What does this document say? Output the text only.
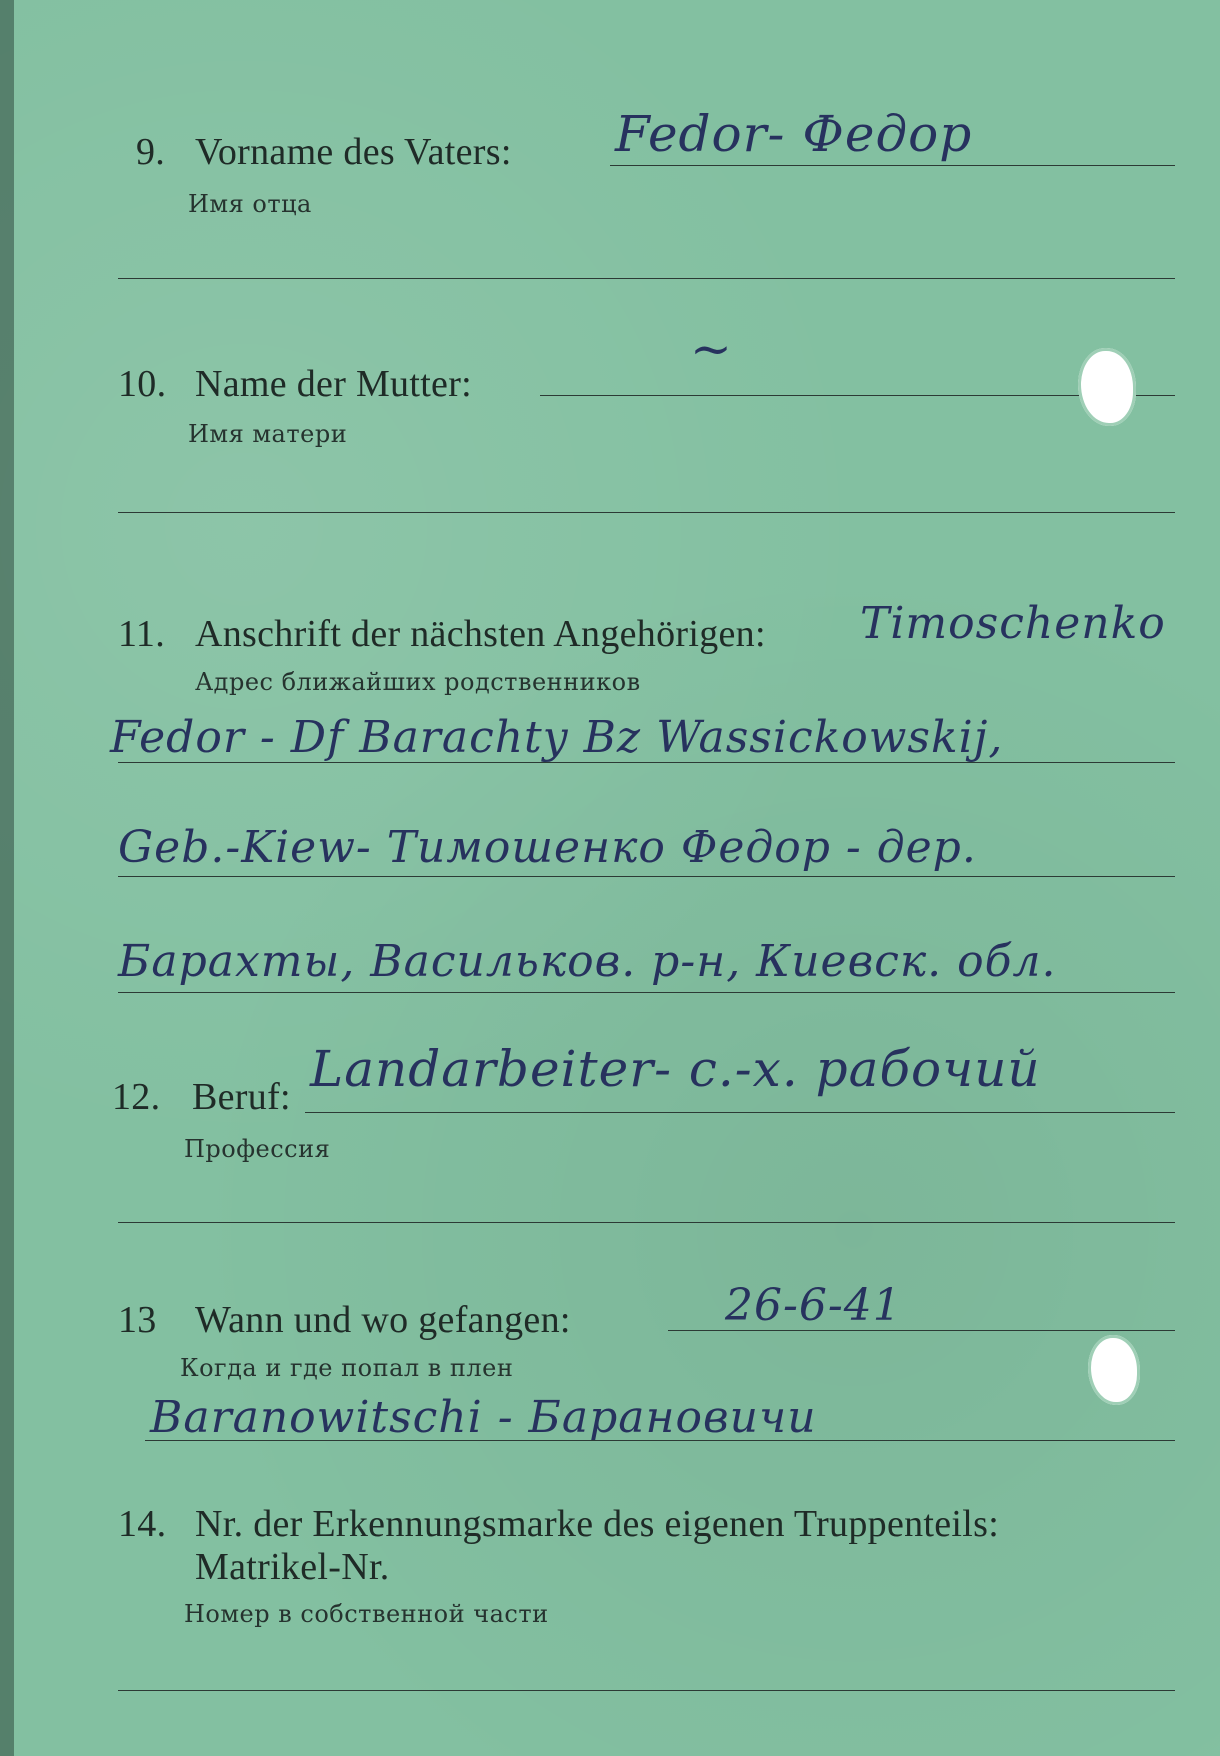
9. Vorname des Vaters: Fedor- Федор
Имя отца
10. Name der Mutter:
~
Имя матери
11. Anschrift der nächsten Angehörigen: Timoschenko
Адрес ближайших родственников
Fedor - Df Barachty Bz Wassickowskij,
Geb.-Kiew- Тимошенко Федор - дер.
Барахты, Васильков. р-н, Киевск. обл.
12. Beruf: Landarbeiter- с.-х. рабочий
Профессия
13 Wann und wo gefangen:	26-6-41
Когда и где попал в плен
Baranowitschi - Барановичи
14. Nr. der Erkennungsmarke des eigenen Truppenteils:
Matrikel-Nr.
Номер в собственной части
